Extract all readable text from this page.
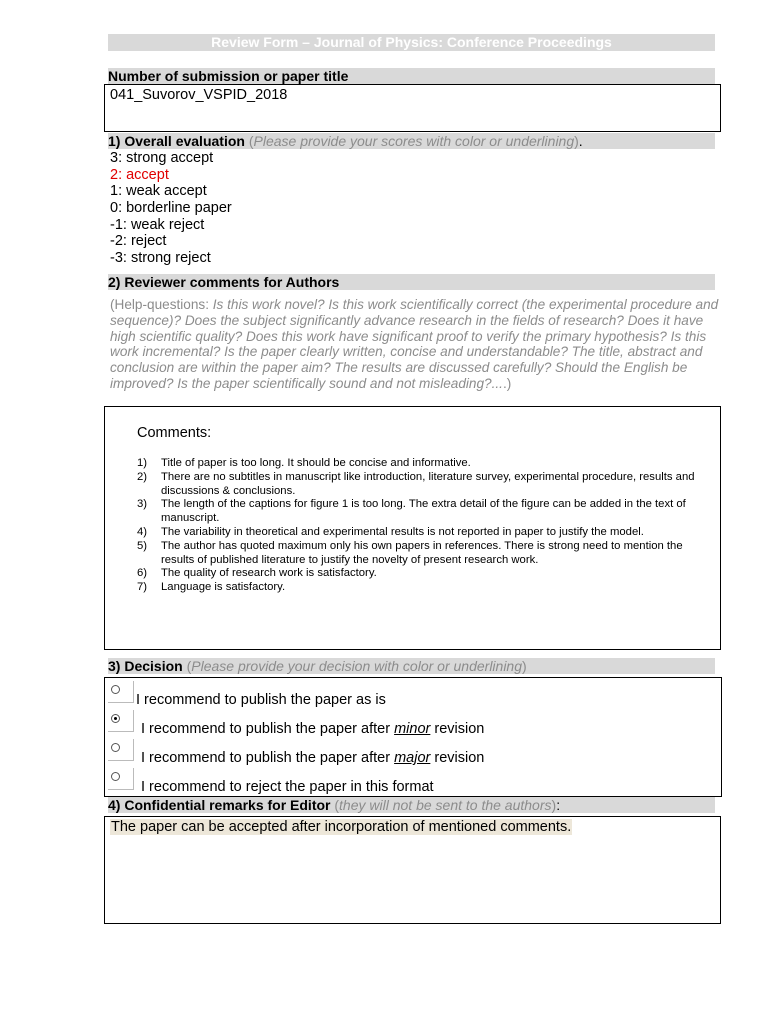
Review Form – Journal of Physics: Conference Proceedings
Number of submission or paper title
041_Suvorov_VSPID_2018
1) Overall evaluation (Please provide your scores with color or underlining).
3: strong accept
2: accept
1: weak accept
0: borderline paper
-1: weak reject
-2: reject
-3: strong reject
2) Reviewer comments for Authors
(Help-questions: Is this work novel? Is this work scientifically correct (the experimental procedure and sequence)? Does the subject significantly advance research in the fields of research? Does it have high scientific quality? Does this work have significant proof to verify the primary hypothesis? Is this work incremental? Is the paper clearly written, concise and understandable? The title, abstract and conclusion are within the paper aim? The results are discussed carefully? Should the English be improved? Is the paper scientifically sound and not misleading?....)
Comments:
1) Title of paper is too long. It should be concise and informative.
2) There are no subtitles in manuscript like introduction, literature survey, experimental procedure, results and discussions & conclusions.
3) The length of the captions for figure 1 is too long. The extra detail of the figure can be added in the text of manuscript.
4) The variability in theoretical and experimental results is not reported in paper to justify the model.
5) The author has quoted maximum only his own papers in references. There is strong need to mention the results of published literature to justify the novelty of present research work.
6) The quality of research work is satisfactory.
7) Language is satisfactory.
3) Decision (Please provide your decision with color or underlining)
I recommend to publish the paper as is
I recommend to publish the paper after minor revision
I recommend to publish the paper after major revision
I recommend to reject the paper in this format
4) Confidential remarks for Editor (they will not be sent to the authors):
The paper can be accepted after incorporation of mentioned comments.
